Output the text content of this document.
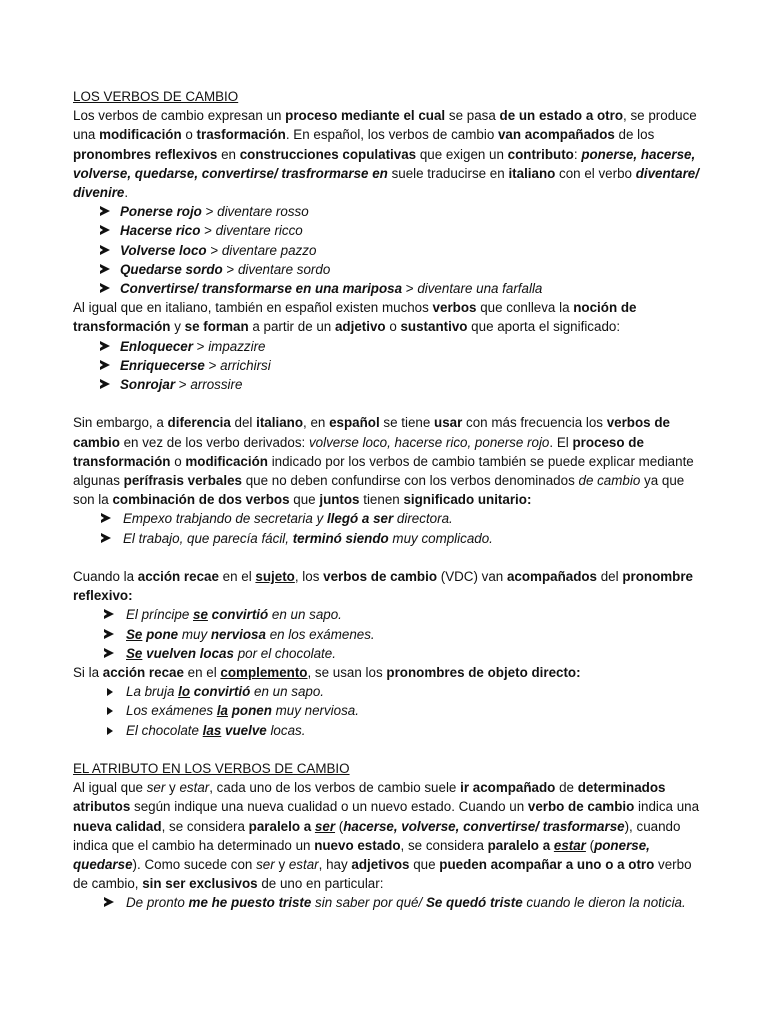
LOS VERBOS DE CAMBIO

Los verbos de cambio expresan un proceso mediante el cual se pasa de un estado a otro, se produce una modificación o trasformación. En español, los verbos de cambio van acompañados de los pronombres reflexivos en construcciones copulativas que exigen un contributo: ponerse, hacerse, volverse, quedarse, convertirse/ trasfrormarse en suele traducirse en italiano con el verbo diventare/ divenire.

Ponerse rojo > diventare rosso
Hacerse rico > diventare ricco
Volverse loco > diventare pazzo
Quedarse sordo > diventare sordo
Convertirse/ transformarse en una mariposa > diventare una farfalla

Al igual que en italiano, también en español existen muchos verbos que conlleva la noción de transformación y se forman a partir de un adjetivo o sustantivo que aporta el significado:

Enloquecer > impazzire
Enriquecerse > arrichirsi
Sonrojar > arrossire

Sin embargo, a diferencia del italiano, en español se tiene usar con más frecuencia los verbos de cambio en vez de los verbo derivados: volverse loco, hacerse rico, ponerse rojo. El proceso de transformación o modificación indicado por los verbos de cambio también se puede explicar mediante algunas perífrasis verbales que no deben confundirse con los verbos denominados de cambio ya que son la combinación de dos verbos que juntos tienen significado unitario:

Empexo trabjando de secretaria y llegó a ser directora.
El trabajo, que parecía fácil, terminó siendo muy complicado.

Cuando la acción recae en el sujeto, los verbos de cambio (VDC) van acompañados del pronombre reflexivo:

El príncipe se convirtió en un sapo.
Se pone muy nerviosa en los exámenes.
Se vuelven locas por el chocolate.

Si la acción recae en el complemento, se usan los pronombres de objeto directo:

La bruja lo convirtió en un sapo.
Los exámenes la ponen muy nerviosa.
El chocolate las vuelve locas.
EL ATRIBUTO EN LOS VERBOS DE CAMBIO

Al igual que ser y estar, cada uno de los verbos de cambio suele ir acompañado de determinados atributos según indique una nueva cualidad o un nuevo estado. Cuando un verbo de cambio indica una nueva calidad, se considera paralelo a ser (hacerse, volverse, convertirse/ trasformarse), cuando indica que el cambio ha determinado un nuevo estado, se considera paralelo a estar (ponerse, quedarse). Como sucede con ser y estar, hay adjetivos que pueden acompañar a uno o a otro verbo de cambio, sin ser exclusivos de uno en particular:

De pronto me he puesto triste sin saber por qué/ Se quedó triste cuando le dieron la noticia.
